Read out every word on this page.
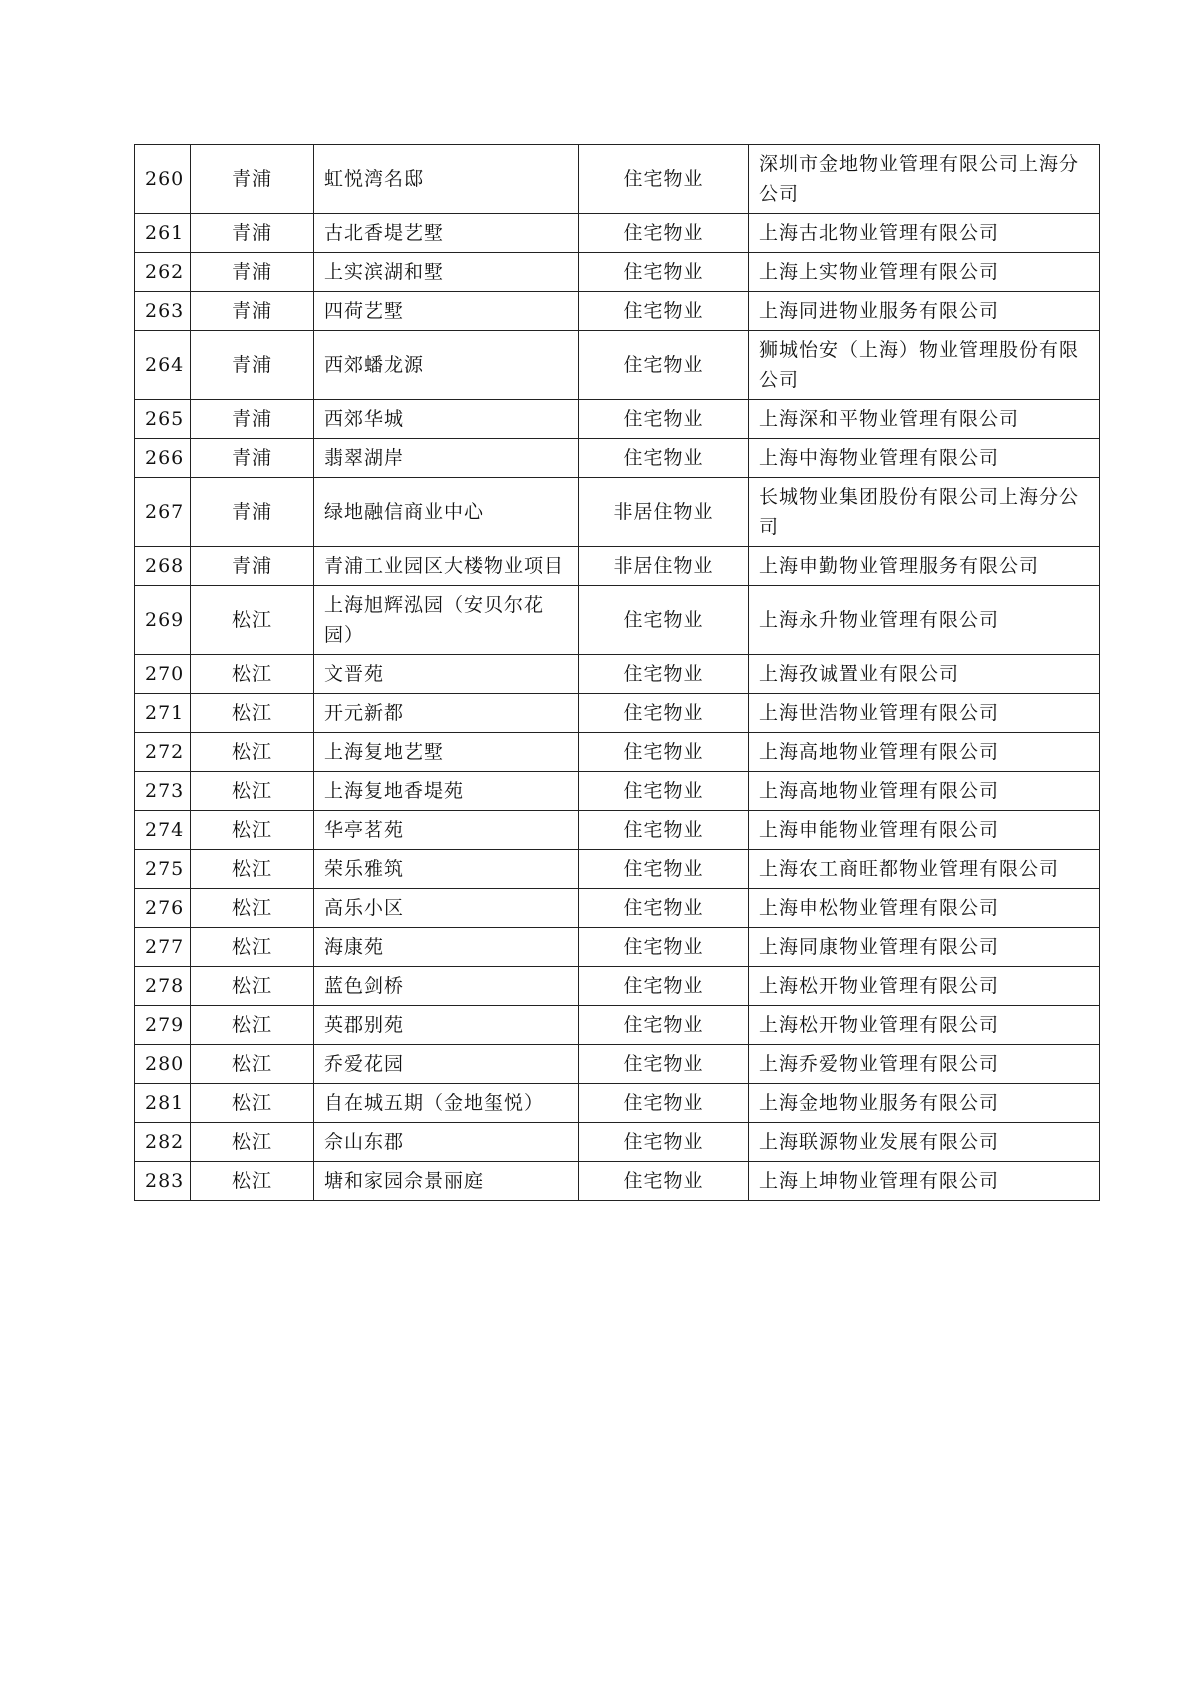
260	青浦	虹悦湾名邸	住宅物业	深圳市金地物业管理有限公司上海分公司
261	青浦	古北香堤艺墅	住宅物业	上海古北物业管理有限公司
262	青浦	上实滨湖和墅	住宅物业	上海上实物业管理有限公司
263	青浦	四荷艺墅	住宅物业	上海同进物业服务有限公司
264	青浦	西郊蟠龙源	住宅物业	狮城怡安（上海）物业管理股份有限公司
265	青浦	西郊华城	住宅物业	上海深和平物业管理有限公司
266	青浦	翡翠湖岸	住宅物业	上海中海物业管理有限公司
267	青浦	绿地融信商业中心	非居住物业	长城物业集团股份有限公司上海分公司
268	青浦	青浦工业园区大楼物业项目	非居住物业	上海申勤物业管理服务有限公司
269	松江	上海旭辉泓园（安贝尔花园）	住宅物业	上海永升物业管理有限公司
270	松江	文晋苑	住宅物业	上海孜诚置业有限公司
271	松江	开元新都	住宅物业	上海世浩物业管理有限公司
272	松江	上海复地艺墅	住宅物业	上海高地物业管理有限公司
273	松江	上海复地香堤苑	住宅物业	上海高地物业管理有限公司
274	松江	华亭茗苑	住宅物业	上海申能物业管理有限公司
275	松江	荣乐雅筑	住宅物业	上海农工商旺都物业管理有限公司
276	松江	高乐小区	住宅物业	上海申松物业管理有限公司
277	松江	海康苑	住宅物业	上海同康物业管理有限公司
278	松江	蓝色剑桥	住宅物业	上海松开物业管理有限公司
279	松江	英郡别苑	住宅物业	上海松开物业管理有限公司
280	松江	乔爱花园	住宅物业	上海乔爱物业管理有限公司
281	松江	自在城五期（金地玺悦）	住宅物业	上海金地物业服务有限公司
282	松江	佘山东郡	住宅物业	上海联源物业发展有限公司
283	松江	塘和家园佘景丽庭	住宅物业	上海上坤物业管理有限公司
